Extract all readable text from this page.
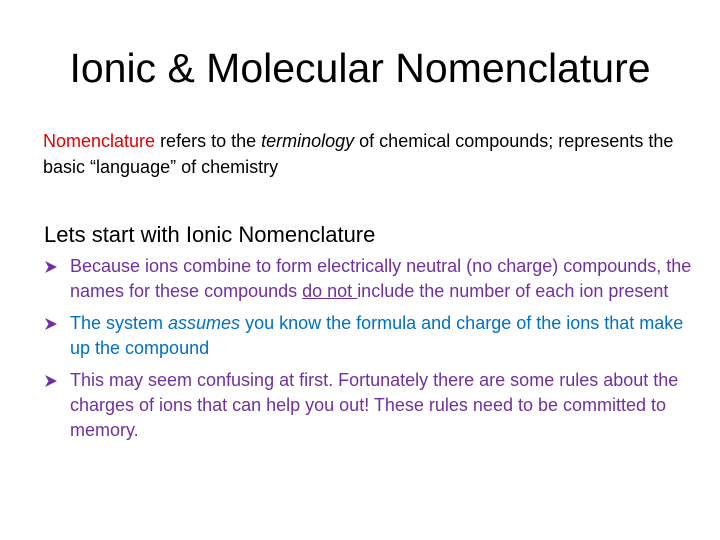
Ionic & Molecular Nomenclature
Nomenclature refers to the terminology of chemical compounds; represents the basic “language” of chemistry
Lets start with Ionic Nomenclature
Because ions combine to form electrically neutral (no charge) compounds, the names for these compounds do not include the number of each ion present
The system assumes you know the formula and charge of the ions that make up the compound
This may seem confusing at first. Fortunately there are some rules about the charges of ions that can help you out! These rules need to be committed to memory.
